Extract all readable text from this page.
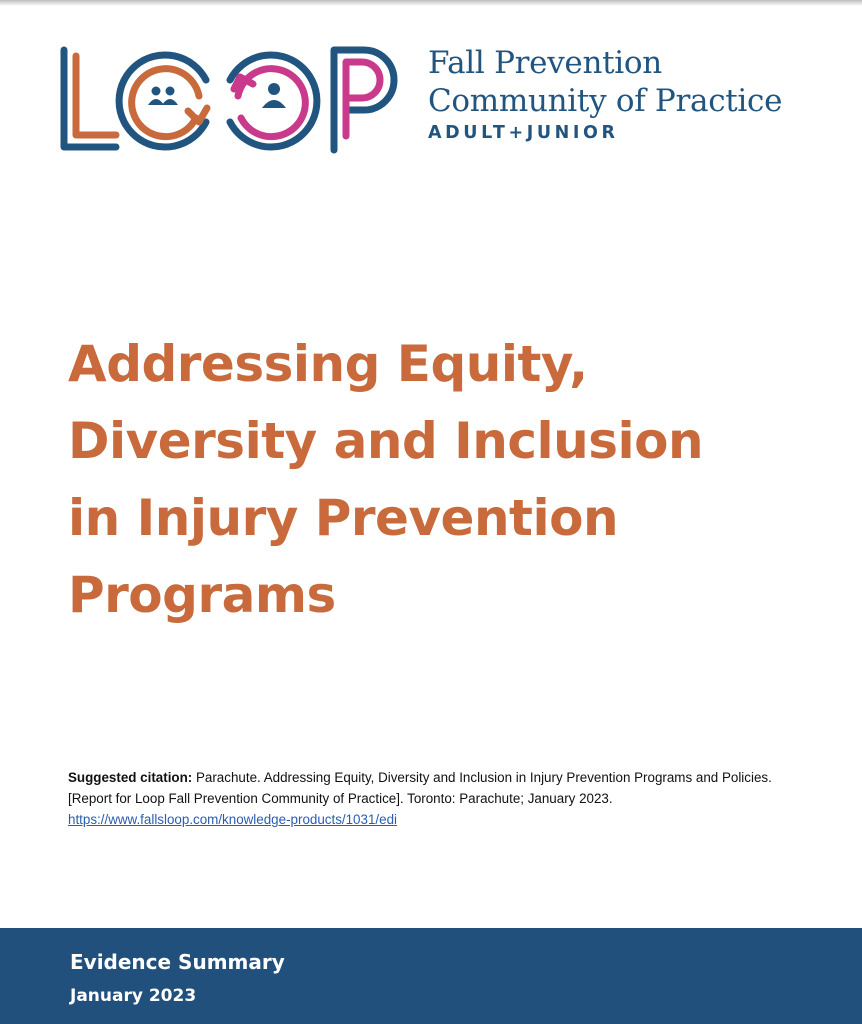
Fall Prevention
Community of Practice
ADULT+JUNIOR
Addressing Equity, Diversity and Inclusion in Injury Prevention Programs
Suggested citation: Parachute. Addressing Equity, Diversity and Inclusion in Injury Prevention Programs and Policies. [Report for Loop Fall Prevention Community of Practice]. Toronto: Parachute; January 2023.
https://www.fallsloop.com/knowledge-products/1031/edi
Evidence Summary
January 2023
